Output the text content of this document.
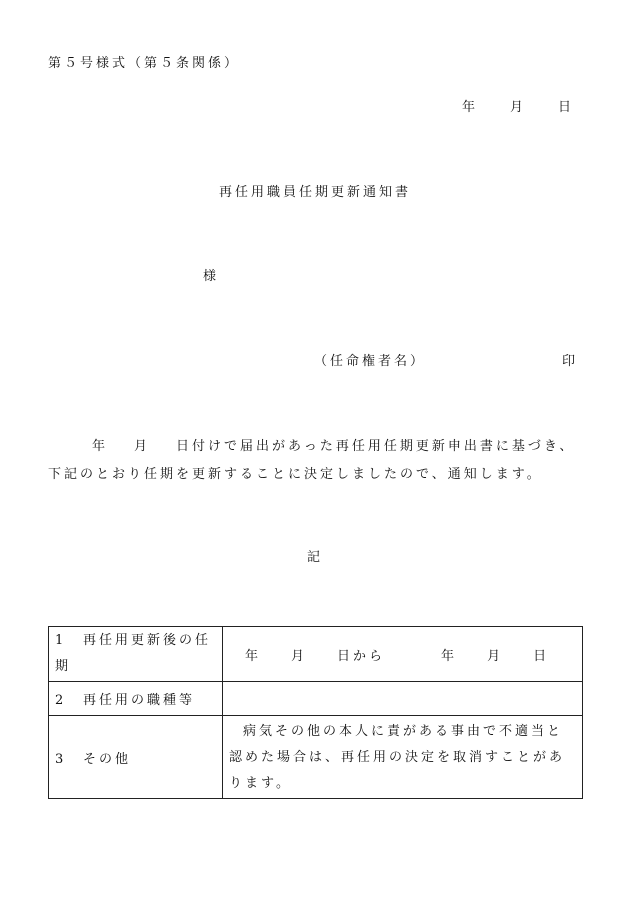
第５号様式（第５条関係）
年 月 日
再任用職員任期更新通知書
様
（任命権者名）	印
年 月 日付けで届出があった再任用任期更新申出書に基づき、
下記のとおり任期を更新することに決定しましたので、通知します。
記
1 再任用更新後の任期	年 月 日から 年 月 日
2 再任用の職種等	
3 その他	病気その他の本人に責がある事由で不適当と認めた場合は、再任用の決定を取消すことがあります。
